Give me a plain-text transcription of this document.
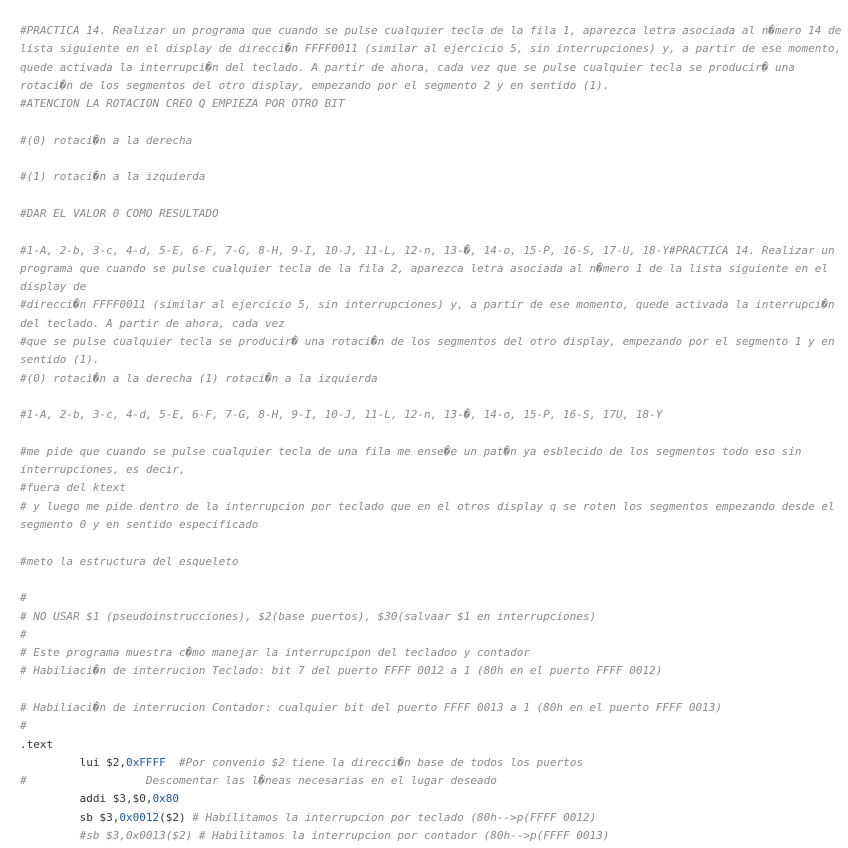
#PRACTICA 14. Realizar un programa que cuando se pulse cualquier tecla de la fila 1, aparezca letra asociada al n�mero 14 de lista siguiente en el display de direcci�n FFFF0011 (similar al ejercicio 5, sin interrupciones) y, a partir de ese momento, quede activada la interrupci�n del teclado. A partir de ahora, cada vez que se pulse cualquier tecla se producir� una rotaci�n de los segmentos del otro display, empezando por el segmento 2 y en sentido (1).
#ATENCION LA ROTACION CREO Q EMPIEZA POR OTRO BIT
#(0) rotaci�n a la derecha
#(1) rotaci�n a la izquierda
#DAR EL VALOR 0 COMO RESULTADO
#1-A, 2-b, 3-c, 4-d, 5-E, 6-F, 7-G, 8-H, 9-I, 10-J, 11-L, 12-n, 13-�, 14-o, 15-P, 16-S, 17-U, 18-Y#PRACTICA 14. Realizar un programa que cuando se pulse cualquier tecla de la fila 2, aparezca letra asociada al n�mero 1 de la lista siguiente en el display de
#direcci�n FFFF0011 (similar al ejercicio 5, sin interrupciones) y, a partir de ese momento, quede activada la interrupci�n del teclado. A partir de ahora, cada vez
#que se pulse cualquier tecla se producir� una rotaci�n de los segmentos del otro display, empezando por el segmento 1 y en sentido (1).
#(0) rotaci�n a la derecha (1) rotaci�n a la izquierda
#1-A, 2-b, 3-c, 4-d, 5-E, 6-F, 7-G, 8-H, 9-I, 10-J, 11-L, 12-n, 13-�, 14-o, 15-P, 16-S, 17U, 18-Y
#me pide que cuando se pulse cualquier tecla de una fila me ense�e un pat�n ya esblecido de los segmentos todo eso sin interrupciones, es decir,
#fuera del ktext
# y luego me pide dentro de la interrupcion por teclado que en el otros display q se roten los segmentos empezando desde el segmento 0 y en sentido especificado
#meto la estructura del esqueleto
#
# NO USAR $1 (pseudoinstrucciones), $2(base puertos), $30(salvaar $1 en interrupciones)
#
# Este programa muestra c�mo manejar la interrupcipon del tecladoo y contador
# Habiliaci�n de interrucion Teclado: bit 7 del puerto FFFF 0012 a 1 (80h en el puerto FFFF 0012)
# Habiliaci�n de interrucion Contador: cualquier bit del puerto FFFF 0013 a 1 (80h en el puerto FFFF 0013)
#
.text
lui $2,0xFFFF  #Por convenio $2 tiene la direcci�n base de todos los puertos
#                  Descomentar las l�neas necesarias en el lugar deseado
addi $3,$0,0x80
sb $3,0x0012($2) # Habilitamos la interrupcion por teclado (80h-->p(FFFF 0012)
#sb $3,0x0013($2) # Habilitamos la interrupcion por contador (80h-->p(FFFF 0013)
